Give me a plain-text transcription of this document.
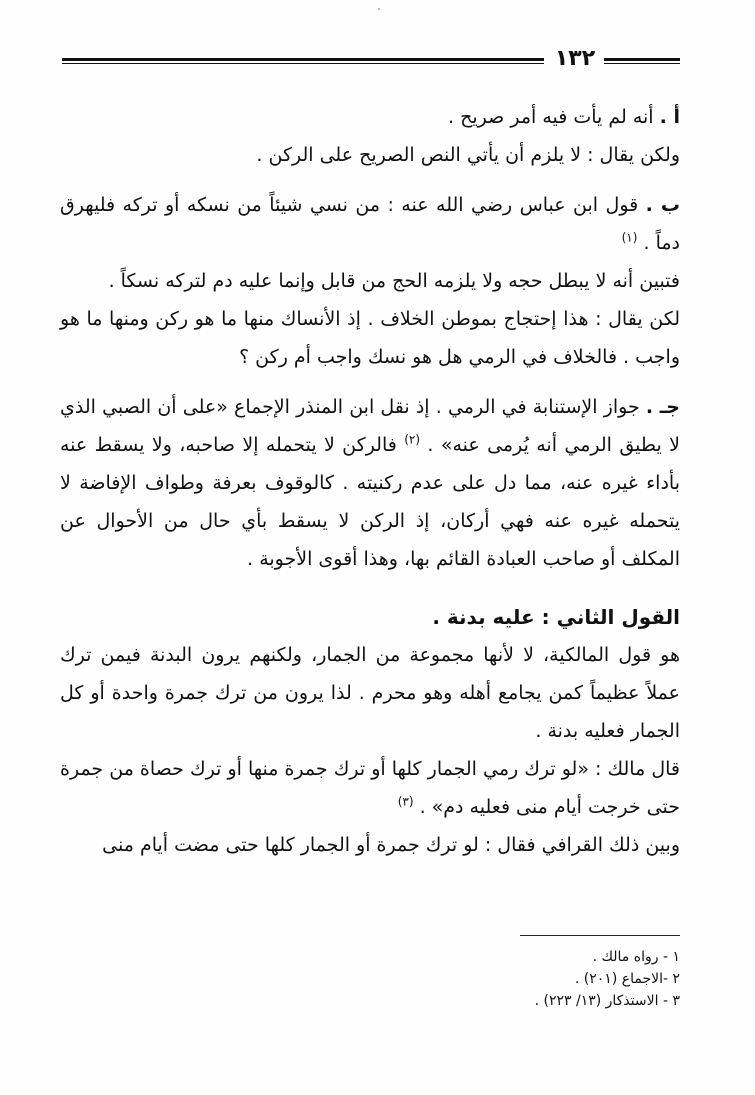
١٣٢

أ . أنه لم يأت فيه أمر صريح .

ولكن يقال : لا يلزم أن يأتي النص الصريح على الركن .

ب . قول ابن عباس رضي الله عنه : من نسي شيئاً من نسكه أو تركه فليهرق دماً . $^{(١)}$

فتبين أنه لا يبطل حجه ولا يلزمه الحج من قابل وإنما عليه دم لتركه نسكاً .

لكن يقال : هذا إحتجاج بموطن الخلاف . إذ الأنساك منها ما هو ركن ومنها ما هو واجب . فالخلاف في الرمي هل هو نسك واجب أم ركن ؟

جـ . جواز الإستنابة في الرمي . إذ نقل ابن المنذر الإجماع «على أن الصبي الذي لا يطيق الرمي أنه يُرمى عنه» . $^{(٢)}$ فالركن لا يتحمله إلا صاحبه، ولا يسقط عنه بأداء غيره عنه، مما دل على عدم ركنيته . كالوقوف بعرفة وطواف الإفاضة لا يتحمله غيره عنه فهي أركان، إذ الركن لا يسقط بأي حال من الأحوال عن المكلف أو صاحب العبادة القائم بها، وهذا أقوى الأجوبة .

القول الثاني : عليه بدنة .

هو قول المالكية، لا لأنها مجموعة من الجمار، ولكنهم يرون البدنة فيمن ترك عملاً عظيماً كمن يجامع أهله وهو محرم . لذا يرون من ترك جمرة واحدة أو كل الجمار فعليه بدنة .

قال مالك : «لو ترك رمي الجمار كلها أو ترك جمرة منها أو ترك حصاة من جمرة حتى خرجت أيام منى فعليه دم» . $^{(٣)}$

وبين ذلك القرافي فقال : لو ترك جمرة أو الجمار كلها حتى مضت أيام منى

١ - رواه مالك .
٢ -الاجماع (٢٠١) .
٣ - الاستذكار (١٣/ ٢٢٣) .
